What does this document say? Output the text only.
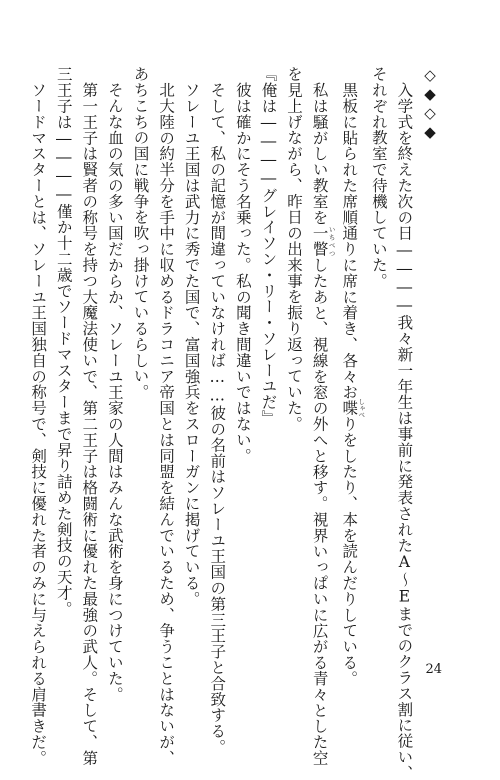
◇◆◇◆
入学式を終えた次の日――――我々新一年生は事前に発表されたA～Eまでのクラス割に従い、
それぞれ教室で待機していた。
黒板に貼られた席順通りに席に着き、各々お喋 しゃべりをしたり、本を読んだりしている。
私は騒がしい教室を一瞥 いちべつしたあと、視線を窓の外へと移す。視界いっぱいに広がる青々とした空
を見上げながら、昨日の出来事を振り返っていた。
『俺は――――グレイソン・リー・ソレーユだ』
彼は確かにそう名乗った。私の聞き間違いではない。
そして、私の記憶が間違っていなければ……彼の名前はソレーユ王国の第三王子と合致する。
ソレーユ王国は武力に秀でた国で、富国強兵をスローガンに掲げている。
北大陸の約半分を手中に収めるドラコニア帝国とは同盟を結んでいるため、争うことはないが、
あちこちの国に戦争を吹っ掛けているらしい。
そんな血の気の多い国だからか、ソレーユ王家の人間はみんな武術を身につけていた。
第一王子は賢者の称号を持つ大魔法使いで、第二王子は格闘術に優れた最強の武人。そして、第
三王子は――――僅か十二歳でソードマスターまで昇り詰めた剣技の天才。
ソードマスターとは、ソレーユ王国独自の称号で、剣技に優れた者のみに与えられる肩書きだ。	24
